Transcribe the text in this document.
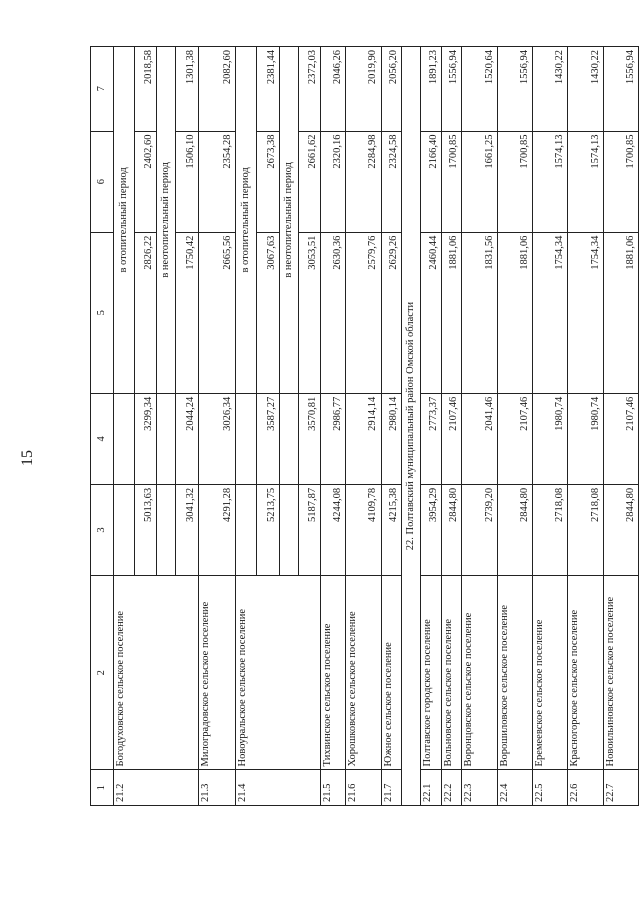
15
1	2	3	4	5	6	7
21.2	Богодуховское сельское поселение			в отопительный период		
		5013,63	3299,34	2826,22	2402,60	2018,58
				в неотопительный период		
		3041,32	2044,24	1750,42	1506,10	1301,38
21.3	Милоградовское сельское поселение	4291,28	3026,34	2665,56	2354,28	2082,60
21.4	Новоуральское сельское поселение			в отопительный период		
		5213,75	3587,27	3067,63	2673,38	2381,44
				в неотопительный период		
		5187,87	3570,81	3053,51	2661,62	2372,03
21.5	Тихвинское сельское поселение	4244,08	2986,77	2630,36	2320,16	2046,26
21.6	Хорошковское сельское поселение	4109,78	2914,14	2579,76	2284,98	2019,90
21.7	Южное сельское поселение	4215,38	2980,14	2629,26	2324,58	2056,20
22. Полтавский муниципальный район Омской области						
22.1	Полтавское городское поселение	3954,29	2773,37	2460,44	2166,40	1891,23
22.2	Вольновское сельское поселение	2844,80	2107,46	1881,06	1700,85	1556,94
22.3	Воронцовское сельское поселение	2739,20	2041,46	1831,56	1661,25	1520,64
22.4	Ворошиловское сельское поселение	2844,80	2107,46	1881,06	1700,85	1556,94
22.5	Еремеевское сельское поселение	2718,08	1980,74	1754,34	1574,13	1430,22
22.6	Красногорское сельское поселение	2718,08	1980,74	1754,34	1574,13	1430,22
22.7	Новоильиновское сельское поселение	2844,80	2107,46	1881,06	1700,85	1556,94
